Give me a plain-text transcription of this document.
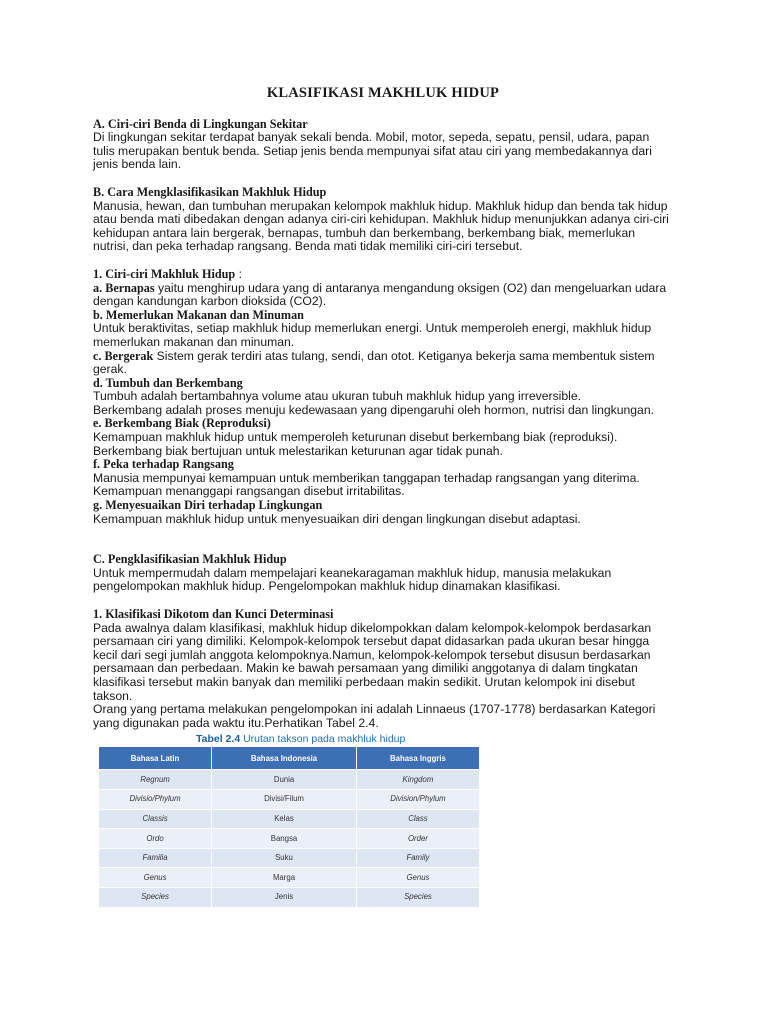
KLASIFIKASI MAKHLUK HIDUP
A. Ciri-ciri Benda di Lingkungan Sekitar

Di lingkungan sekitar terdapat banyak sekali benda. Mobil, motor, sepeda, sepatu, pensil, udara, papan tulis merupakan bentuk benda. Setiap jenis benda mempunyai sifat atau ciri yang membedakannya dari jenis benda lain.

B. Cara Mengklasifikasikan Makhluk Hidup

Manusia, hewan, dan tumbuhan merupakan kelompok makhluk hidup. Makhluk hidup dan benda tak hidup atau benda mati dibedakan dengan adanya ciri-ciri kehidupan. Makhluk hidup menunjukkan adanya ciri-ciri kehidupan antara lain bergerak, bernapas, tumbuh dan berkembang, berkembang biak, memerlukan nutrisi, dan peka terhadap rangsang. Benda mati tidak memiliki ciri-ciri tersebut.

1. Ciri-ciri Makhluk Hidup :

a. Bernapas yaitu menghirup udara yang di antaranya mengandung oksigen (O2) dan mengeluarkan udara dengan kandungan karbon dioksida (CO2).

b. Memerlukan Makanan dan Minuman

Untuk beraktivitas, setiap makhluk hidup memerlukan energi. Untuk memperoleh energi, makhluk hidup memerlukan makanan dan minuman.

c. Bergerak Sistem gerak terdiri atas tulang, sendi, dan otot. Ketiganya bekerja sama membentuk sistem gerak.

d. Tumbuh dan Berkembang

Tumbuh adalah bertambahnya volume atau ukuran tubuh makhluk hidup yang irreversible.

Berkembang adalah proses menuju kedewasaan yang dipengaruhi oleh hormon, nutrisi dan lingkungan.

e. Berkembang Biak (Reproduksi)

Kemampuan makhluk hidup untuk memperoleh keturunan disebut berkembang biak (reproduksi).

Berkembang biak bertujuan untuk melestarikan keturunan agar tidak punah.

f. Peka terhadap Rangsang

Manusia mempunyai kemampuan untuk memberikan tanggapan terhadap rangsangan yang diterima. Kemampuan menanggapi rangsangan disebut irritabilitas.

g. Menyesuaikan Diri terhadap Lingkungan

Kemampuan makhluk hidup untuk menyesuaikan diri dengan lingkungan disebut adaptasi.

C. Pengklasifikasian Makhluk Hidup

Untuk mempermudah dalam mempelajari keanekaragaman makhluk hidup, manusia melakukan pengelompokan makhluk hidup. Pengelompokan makhluk hidup dinamakan klasifikasi.

1. Klasifikasi Dikotom dan Kunci Determinasi

Pada awalnya dalam klasifikasi, makhluk hidup dikelompokkan dalam kelompok-kelompok berdasarkan persamaan ciri yang dimiliki. Kelompok-kelompok tersebut dapat didasarkan pada ukuran besar hingga kecil dari segi jumlah anggota kelompoknya.Namun, kelompok-kelompok tersebut disusun berdasarkan persamaan dan perbedaan. Makin ke bawah persamaan yang dimiliki anggotanya di dalam tingkatan klasifikasi tersebut makin banyak dan memiliki perbedaan makin sedikit. Urutan kelompok ini disebut takson.

Orang yang pertama melakukan pengelompokan ini adalah Linnaeus (1707-1778) berdasarkan Kategori yang digunakan pada waktu itu.Perhatikan Tabel 2.4.

Tabel 2.4 Urutan takson pada makhluk hidup
Bahasa Latin	Bahasa Indonesia	Bahasa Inggris
Regnum	Dunia	Kingdom
Divisio/Phylum	Divisi/Filum	Division/Phylum
Classis	Kelas	Class
Ordo	Bangsa	Order
Familia	Suku	Family
Genus	Marga	Genus
Species	Jenis	Species
